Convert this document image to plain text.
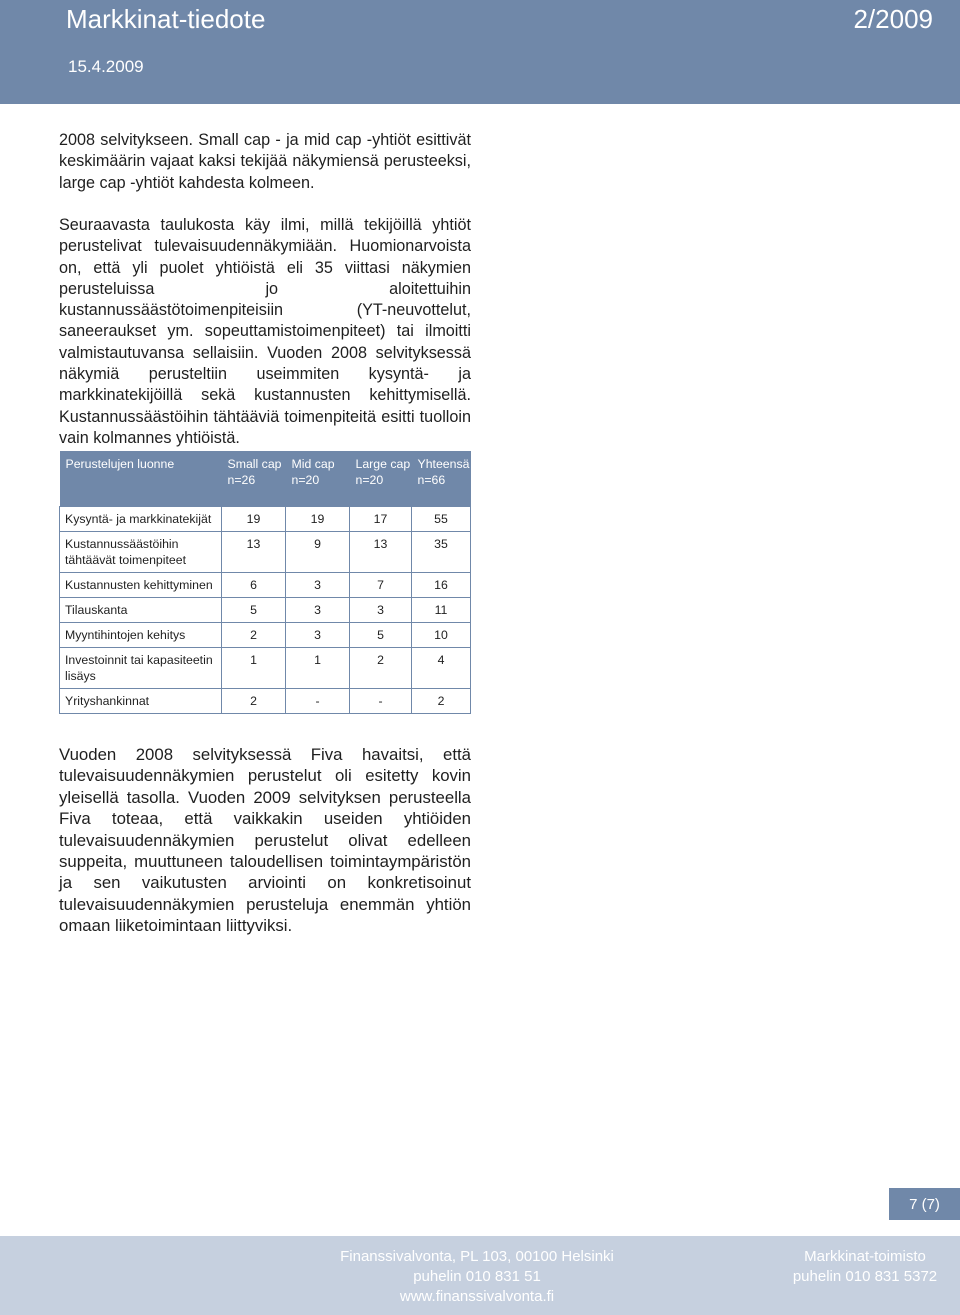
Markkinat-tiedote	2/2009
15.4.2009

2008 selvitykseen. Small cap - ja mid cap -yhtiöt esittivät keskimäärin vajaat kaksi tekijää näkymiensä perusteeksi, large cap -yhtiöt kahdesta kolmeen.

Seuraavasta taulukosta käy ilmi, millä tekijöillä yhtiöt perustelivat tulevaisuudennäkymiään. Huomionarvoista on, että yli puolet yhtiöistä eli 35 viittasi näkymien perusteluissa jo aloitettuihin kustannussäästötoimenpiteisiin (YT-neuvottelut, saneeraukset ym. sopeuttamistoimenpiteet) tai ilmoitti valmistautuvansa sellaisiin. Vuoden 2008 selvityksessä näkymiä perusteltiin useimmiten kysyntä- ja markkinatekijöillä sekä kustannusten kehittymisellä. Kustannussäästöihin tähtääviä toimenpiteitä esitti tuolloin vain kolmannes yhtiöistä.

Perustelujen luonne	Small cap n=26	Mid cap n=20	Large cap n=20	Yhteensä n=66
Kysyntä- ja markkinatekijät	19	19	17	55
Kustannussäästöihin tähtäävät toimenpiteet	13	9	13	35
Kustannusten kehittyminen	6	3	7	16
Tilauskanta	5	3	3	11
Myyntihintojen kehitys	2	3	5	10
Investoinnit tai kapasiteetin lisäys	1	1	2	4
Yrityshankinnat	2	-	-	2

Vuoden 2008 selvityksessä Fiva havaitsi, että tulevaisuudennäkymien perustelut oli esitetty kovin yleisellä tasolla. Vuoden 2009 selvityksen perusteella Fiva toteaa, että vaikkakin useiden yhtiöiden tulevaisuudennäkymien perustelut olivat edelleen suppeita, muuttuneen taloudellisen toimintaympäristön ja sen vaikutusten arviointi on konkretisoinut tulevaisuudennäkymien perusteluja enemmän yhtiön omaan liiketoimintaan liittyviksi.

7 (7)
Finanssivalvonta, PL 103, 00100 Helsinki
puhelin 010 831 51
www.finanssivalvonta.fi
Markkinat-toimisto
puhelin 010 831 5372
